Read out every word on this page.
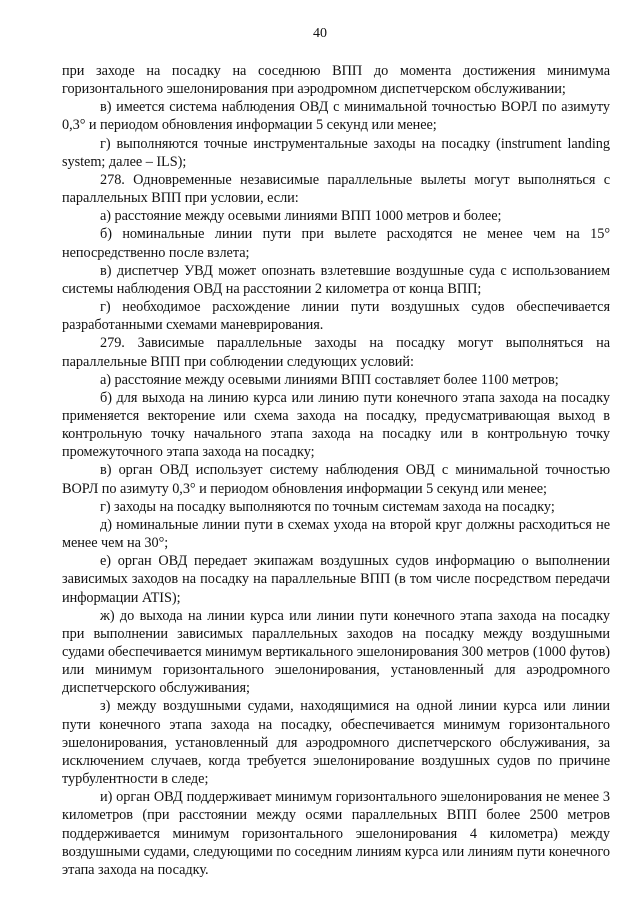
40

при заходе на посадку на соседнюю ВПП до момента достижения минимума горизонтального эшелонирования при аэродромном диспетчерском обслуживании;

в) имеется система наблюдения ОВД с минимальной точностью ВОРЛ по азимуту 0,3° и периодом обновления информации 5 секунд или менее;

г) выполняются точные инструментальные заходы на посадку (instrument landing system; далее – ILS);

278. Одновременные независимые параллельные вылеты могут выполняться с параллельных ВПП при условии, если:

а) расстояние между осевыми линиями ВПП 1000 метров и более;

б) номинальные линии пути при вылете расходятся не менее чем на 15° непосредственно после взлета;

в) диспетчер УВД может опознать взлетевшие воздушные суда с использованием системы наблюдения ОВД на расстоянии 2 километра от конца ВПП;

г) необходимое расхождение линии пути воздушных судов обеспечивается разработанными схемами маневрирования.

279. Зависимые параллельные заходы на посадку могут выполняться на параллельные ВПП при соблюдении следующих условий:

а) расстояние между осевыми линиями ВПП составляет более 1100 метров;

б) для выхода на линию курса или линию пути конечного этапа захода на посадку применяется векторение или схема захода на посадку, предусматривающая выход в контрольную точку начального этапа захода на посадку или в контрольную точку промежуточного этапа захода на посадку;

в) орган ОВД использует систему наблюдения ОВД с минимальной точностью ВОРЛ по азимуту 0,3° и периодом обновления информации 5 секунд или менее;

г) заходы на посадку выполняются по точным системам захода на посадку;

д) номинальные линии пути в схемах ухода на второй круг должны расходиться не менее чем на 30°;

е) орган ОВД передает экипажам воздушных судов информацию о выполнении зависимых заходов на посадку на параллельные ВПП (в том числе посредством передачи информации ATIS);

ж) до выхода на линии курса или линии пути конечного этапа захода на посадку при выполнении зависимых параллельных заходов на посадку между воздушными судами обеспечивается минимум вертикального эшелонирования 300 метров (1000 футов) или минимум горизонтального эшелонирования, установленный для аэродромного диспетчерского обслуживания;

з) между воздушными судами, находящимися на одной линии курса или линии пути конечного этапа захода на посадку, обеспечивается минимум горизонтального эшелонирования, установленный для аэродромного диспетчерского обслуживания, за исключением случаев, когда требуется эшелонирование воздушных судов по причине турбулентности в следе;

и) орган ОВД поддерживает минимум горизонтального эшелонирования не менее 3 километров (при расстоянии между осями параллельных ВПП более 2500 метров поддерживается минимум горизонтального эшелонирования 4 километра) между воздушными судами, следующими по соседним линиям курса или линиям пути конечного этапа захода на посадку.
